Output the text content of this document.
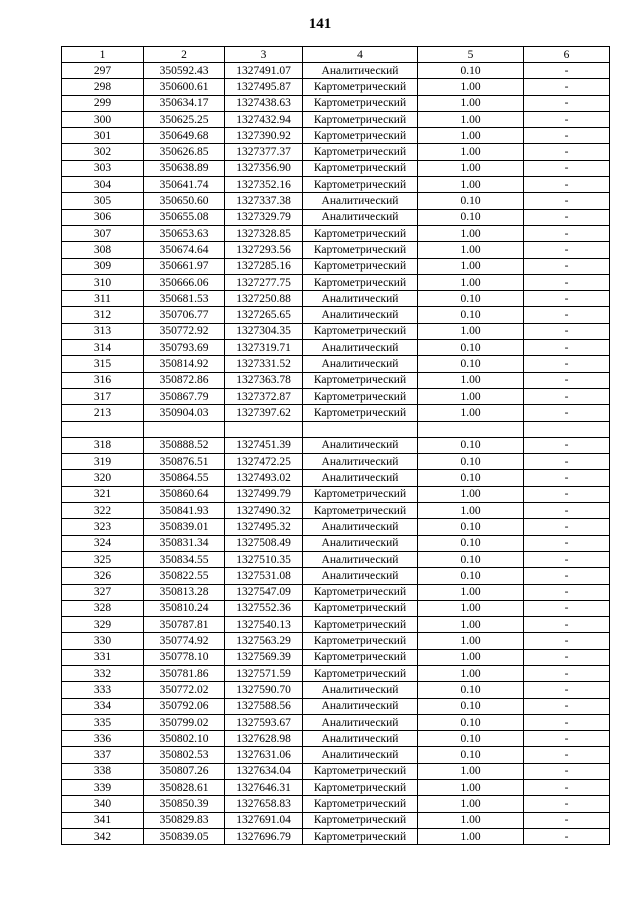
141
1	2	3	4	5	6
297	350592.43	1327491.07	Аналитический	0.10	-
298	350600.61	1327495.87	Картометрический	1.00	-
299	350634.17	1327438.63	Картометрический	1.00	-
300	350625.25	1327432.94	Картометрический	1.00	-
301	350649.68	1327390.92	Картометрический	1.00	-
302	350626.85	1327377.37	Картометрический	1.00	-
303	350638.89	1327356.90	Картометрический	1.00	-
304	350641.74	1327352.16	Картометрический	1.00	-
305	350650.60	1327337.38	Аналитический	0.10	-
306	350655.08	1327329.79	Аналитический	0.10	-
307	350653.63	1327328.85	Картометрический	1.00	-
308	350674.64	1327293.56	Картометрический	1.00	-
309	350661.97	1327285.16	Картометрический	1.00	-
310	350666.06	1327277.75	Картометрический	1.00	-
311	350681.53	1327250.88	Аналитический	0.10	-
312	350706.77	1327265.65	Аналитический	0.10	-
313	350772.92	1327304.35	Картометрический	1.00	-
314	350793.69	1327319.71	Аналитический	0.10	-
315	350814.92	1327331.52	Аналитический	0.10	-
316	350872.86	1327363.78	Картометрический	1.00	-
317	350867.79	1327372.87	Картометрический	1.00	-
213	350904.03	1327397.62	Картометрический	1.00	-

318	350888.52	1327451.39	Аналитический	0.10	-
319	350876.51	1327472.25	Аналитический	0.10	-
320	350864.55	1327493.02	Аналитический	0.10	-
321	350860.64	1327499.79	Картометрический	1.00	-
322	350841.93	1327490.32	Картометрический	1.00	-
323	350839.01	1327495.32	Аналитический	0.10	-
324	350831.34	1327508.49	Аналитический	0.10	-
325	350834.55	1327510.35	Аналитический	0.10	-
326	350822.55	1327531.08	Аналитический	0.10	-
327	350813.28	1327547.09	Картометрический	1.00	-
328	350810.24	1327552.36	Картометрический	1.00	-
329	350787.81	1327540.13	Картометрический	1.00	-
330	350774.92	1327563.29	Картометрический	1.00	-
331	350778.10	1327569.39	Картометрический	1.00	-
332	350781.86	1327571.59	Картометрический	1.00	-
333	350772.02	1327590.70	Аналитический	0.10	-
334	350792.06	1327588.56	Аналитический	0.10	-
335	350799.02	1327593.67	Аналитический	0.10	-
336	350802.10	1327628.98	Аналитический	0.10	-
337	350802.53	1327631.06	Аналитический	0.10	-
338	350807.26	1327634.04	Картометрический	1.00	-
339	350828.61	1327646.31	Картометрический	1.00	-
340	350850.39	1327658.83	Картометрический	1.00	-
341	350829.83	1327691.04	Картометрический	1.00	-
342	350839.05	1327696.79	Картометрический	1.00	-
